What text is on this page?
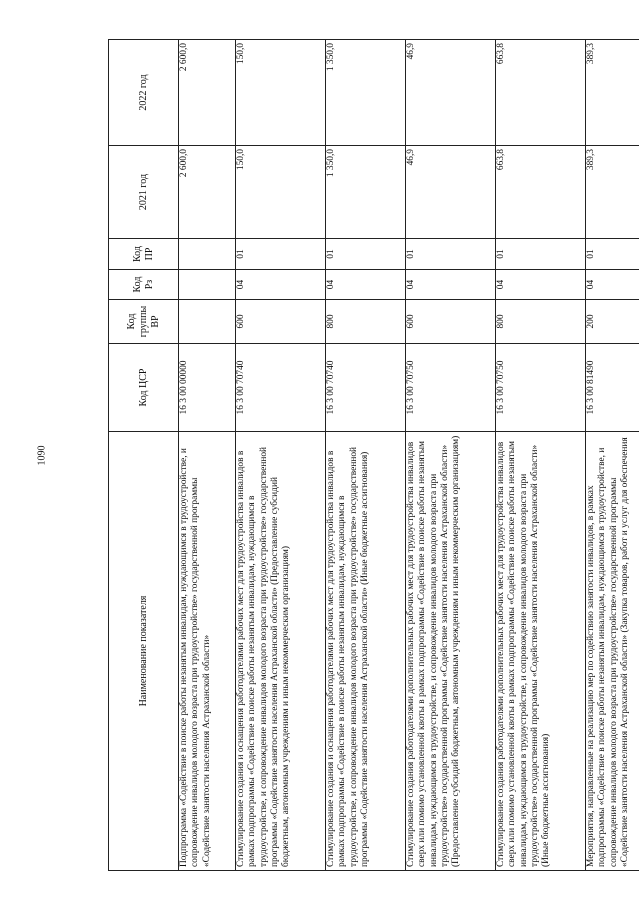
1090
Наименование показателя	Код ЦСР	Код группы ВР	Код Рз	Код ПР	2021 год	2022 год
Подпрограмма «Содействие в поиске работы незанятым инвалидам, нуждающимся в трудоустройстве, и сопровождение инвалидов молодого возраста при трудоустройстве» государственной программы «Содействие занятости населения Астраханской области»	16 3 00 00000				2 600,0	2 600,0
Стимулирование создания и оснащения работодателями рабочих мест для трудоустройства инвалидов в рамках подпрограммы «Содействие в поиске работы незанятым инвалидам, нуждающимся в трудоустройстве, и сопровождение инвалидов молодого возраста при трудоустройстве» государственной программы «Содействие занятости населения Астраханской области» (Предоставление субсидий бюджетным, автономным учреждениям и иным некоммерческим организациям)	16 3 00 70740	600	04	01	150,0	150,0
Стимулирование создания и оснащения работодателями рабочих мест для трудоустройства инвалидов в рамках подпрограммы «Содействие в поиске работы незанятым инвалидам, нуждающимся в трудоустройстве, и сопровождение инвалидов молодого возраста при трудоустройстве» государственной программы «Содействие занятости населения Астраханской области» (Иные бюджетные ассигнования)	16 3 00 70740	800	04	01	1 350,0	1 350,0
Стимулирование создания работодателями дополнительных рабочих мест для трудоустройства инвалидов сверх или помимо установленной квоты в рамках подпрограммы «Содействие в поиске работы незанятым инвалидам, нуждающимся в трудоустройстве, и сопровождение инвалидов молодого возраста при трудоустройстве» государственной программы «Содействие занятости населения Астраханской области» (Предоставление субсидий бюджетным, автономным учреждениям и иным некоммерческим организациям)	16 3 00 70750	600	04	01	46,9	46,9
Стимулирование создания работодателями дополнительных рабочих мест для трудоустройства инвалидов сверх или помимо установленной квоты в рамках подпрограммы «Содействие в поиске работы незанятым инвалидам, нуждающимся в трудоустройстве, и сопровождение инвалидов молодого возраста при трудоустройстве» государственной программы «Содействие занятости населения Астраханской области» (Иные бюджетные ассигнования)	16 3 00 70750	800	04	01	663,8	663,8
Мероприятия, направленные на реализацию мер по содействию занятости инвалидов, в рамках подпрограммы «Содействие в поиске работы незанятым инвалидам, нуждающимся в трудоустройстве, и сопровождение инвалидов молодого возраста при трудоустройстве» государственной программы «Содействие занятости населения Астраханской области» (Закупка товаров, работ и услуг для обеспечения	16 3 00 81490	200	04	01	389,3	389,3
